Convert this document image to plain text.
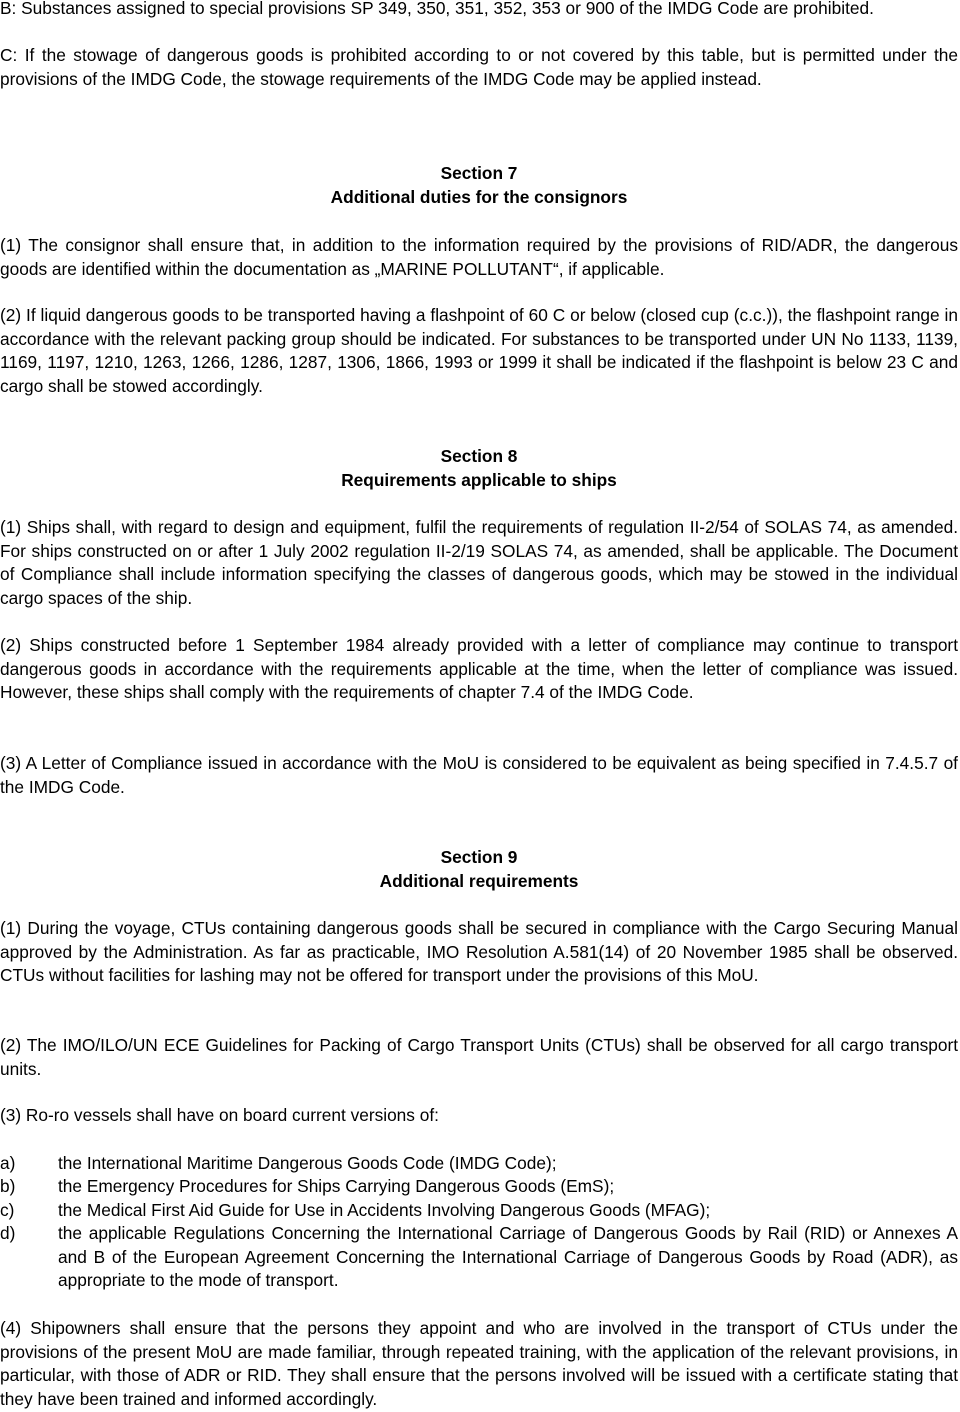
B: Substances assigned to special provisions SP 349, 350, 351, 352, 353 or 900 of the IMDG Code are prohibited.

C: If the stowage of dangerous goods is prohibited according to or not covered by this table, but is permitted under the provisions of the IMDG Code, the stowage requirements of the IMDG Code may be applied instead.

Section 7
Additional duties for the consignors

(1) The consignor shall ensure that, in addition to the information required by the provisions of RID/ADR, the dangerous goods are identified within the documentation as „MARINE POLLUTANT“, if applicable.

(2) If liquid dangerous goods to be transported having a flashpoint of 60 C or below (closed cup (c.c.)), the flashpoint range in accordance with the relevant packing group should be indicated. For substances to be transported under UN No 1133, 1139, 1169, 1197, 1210, 1263, 1266, 1286, 1287, 1306, 1866, 1993 or 1999 it shall be indicated if the flashpoint is below 23 C and cargo shall be stowed accordingly.

Section 8
Requirements applicable to ships

(1) Ships shall, with regard to design and equipment, fulfil the requirements of regulation II-2/54 of SOLAS 74, as amended. For ships constructed on or after 1 July 2002 regulation II-2/19 SOLAS 74, as amended, shall be applicable. The Document of Compliance shall include information specifying the classes of dangerous goods, which may be stowed in the individual cargo spaces of the ship.

(2) Ships constructed before 1 September 1984 already provided with a letter of compliance may continue to transport dangerous goods in accordance with the requirements applicable at the time, when the letter of compliance was issued. However, these ships shall comply with the requirements of chapter 7.4 of the IMDG Code.

(3) A Letter of Compliance issued in accordance with the MoU is considered to be equivalent as being specified in 7.4.5.7 of the IMDG Code.

Section 9
Additional requirements

(1) During the voyage, CTUs containing dangerous goods shall be secured in compliance with the Cargo Securing Manual approved by the Administration. As far as practicable, IMO Resolution A.581(14) of 20 November 1985 shall be observed. CTUs without facilities for lashing may not be offered for transport under the provisions of this MoU.

(2) The IMO/ILO/UN ECE Guidelines for Packing of Cargo Transport Units (CTUs) shall be observed for all cargo transport units.

(3) Ro-ro vessels shall have on board current versions of:

a)	the International Maritime Dangerous Goods Code (IMDG Code);
b)	the Emergency Procedures for Ships Carrying Dangerous Goods (EmS);
c)	the Medical First Aid Guide for Use in Accidents Involving Dangerous Goods (MFAG);
d)	the applicable Regulations Concerning the International Carriage of Dangerous Goods by Rail (RID) or Annexes A and B of the European Agreement Concerning the International Carriage of Dangerous Goods by Road (ADR), as appropriate to the mode of transport.

(4) Shipowners shall ensure that the persons they appoint and who are involved in the transport of CTUs under the provisions of the present MoU are made familiar, through repeated training, with the application of the relevant provisions, in particular, with those of ADR or RID. They shall ensure that the persons involved will be issued with a certificate stating that they have been trained and informed accordingly.
